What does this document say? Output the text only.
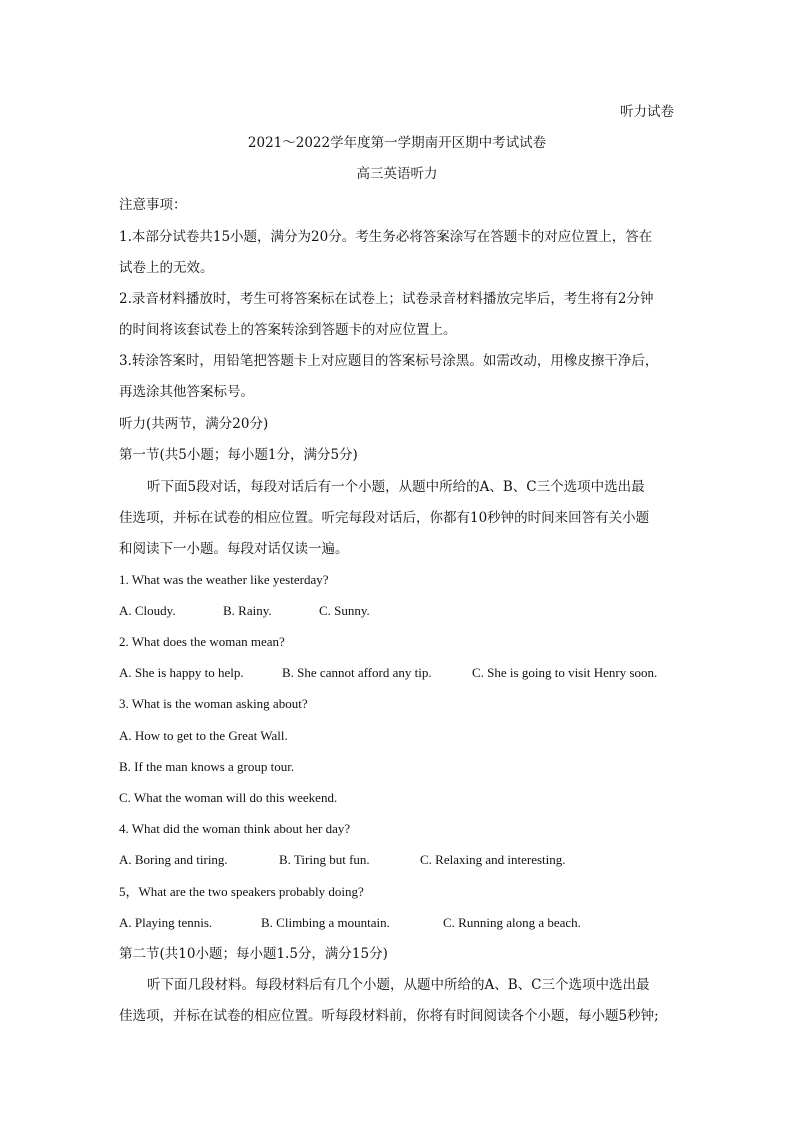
听力试卷
2021～2022学年度第一学期南开区期中考试试卷
高三英语听力
注意事项：
1.本部分试卷共15小题，满分为20分。考生务必将答案涂写在答题卡的对应位置上，答在
试卷上的无效。
2.录音材料播放时，考生可将答案标在试卷上；试卷录音材料播放完毕后，考生将有2分钟
的时间将该套试卷上的答案转涂到答题卡的对应位置上。
3.转涂答案时，用铅笔把答题卡上对应题目的答案标号涂黑。如需改动，用橡皮擦干净后，
再选涂其他答案标号。
听力(共两节，满分20分)
第一节(共5小题；每小题1分，满分5分)
听下面5段对话，每段对话后有一个小题，从题中所给的A、B、C三个选项中选出最
佳选项，并标在试卷的相应位置。听完每段对话后，你都有10秒钟的时间来回答有关小题
和阅读下一小题。每段对话仅读一遍。
1. What was the weather like yesterday?
A. Cloudy.	B. Rainy.	C. Sunny.
2. What does the woman mean?
A. She is happy to help.	B. She cannot afford any tip.	C. She is going to visit Henry soon.
3. What is the woman asking about?
A. How to get to the Great Wall.
B. If the man knows a group tour.
C. What the woman will do this weekend.
4. What did the woman think about her day?
A. Boring and tiring.	B. Tiring but fun.	C. Relaxing and interesting.
5，What are the two speakers probably doing?
A. Playing tennis.	B. Climbing a mountain.	C. Running along a beach.
第二节(共10小题；每小题1.5分，满分15分)
听下面几段材料。每段材料后有几个小题，从题中所给的A、B、C三个选项中选出最
佳选项，并标在试卷的相应位置。听每段材料前，你将有时间阅读各个小题，每小题5秒钟;
